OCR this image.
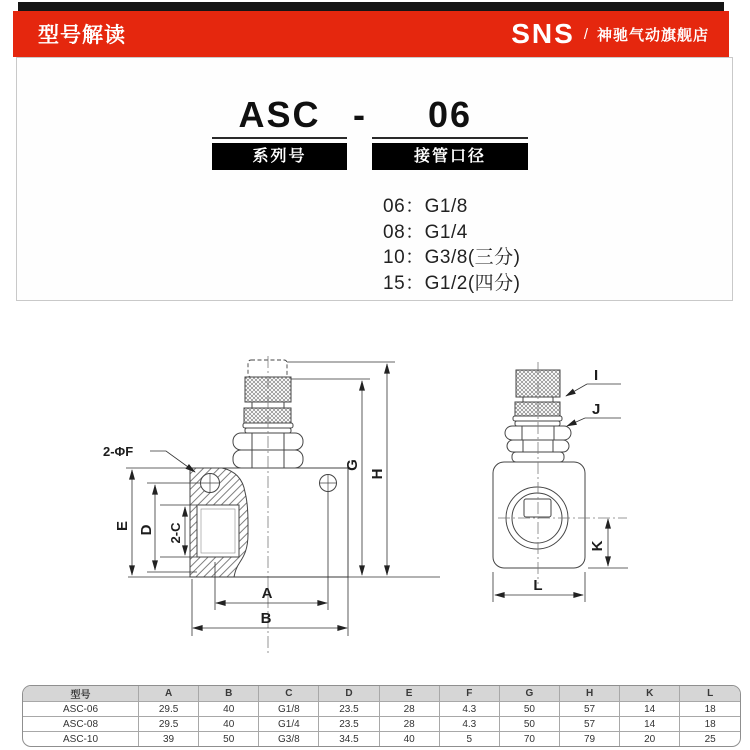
型号解读	SNS / 神驰气动旗舰店
ASC -	06
系列号	接管口径
06：G1/8
08：G1/4
10：G3/8(三分)
15：G1/2(四分)
2-ΦF
E D 2-C
G
H
A
B
I
J
K
L
型号	A	B	C	D	E	F	G	H	K	L
ASC-06	29.5	40	G1/8	23.5	28	4.3	50	57	14	18
ASC-08	29.5	40	G1/4	23.5	28	4.3	50	57	14	18
ASC-10	39	50	G3/8	34.5	40	5	70	79	20	25
